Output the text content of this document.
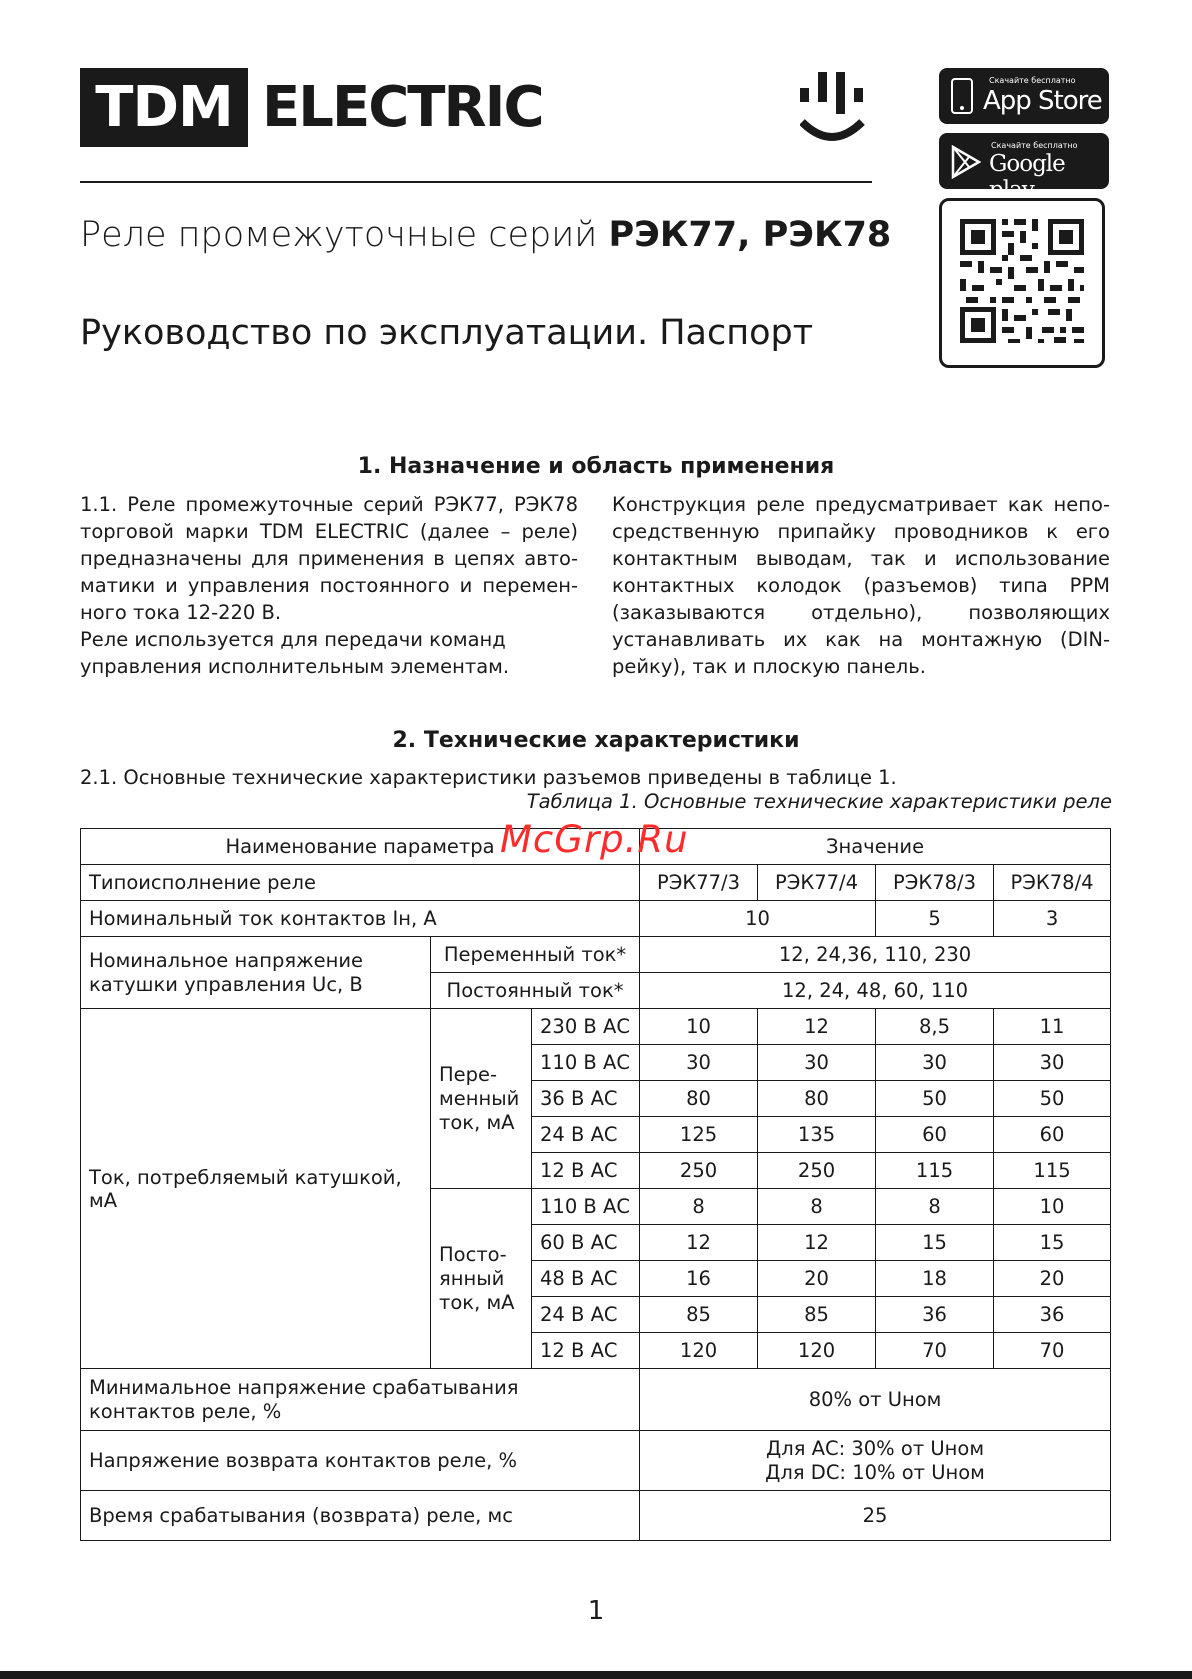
TDM ELECTRIC	Скачайте бесплатно
App Store
Скачайте бесплатно
Google play
Реле промежуточные серий РЭК77, РЭК78
Руководство по эксплуатации. Паспорт
1. Назначение и область применения
1.1. Реле промежуточные серий РЭК77, РЭК78 торговой марки TDM ELECTRIC (далее – реле) предназначены для применения в цепях автоматики и управления постоянного и переменного тока 12-220 В.
Реле используется для передачи команд управления исполнительным элементам.
Конструкция реле предусматривает как непосредственную припайку проводников к его контактным выводам, так и использование контактных колодок (разъемов) типа PPM (заказываются отдельно), позволяющих устанавливать их как на монтажную (DIN-рейку), так и плоскую панель.
2. Технические характеристики
2.1. Основные технические характеристики разъемов приведены в таблице 1.
Таблица 1. Основные технические характеристики реле
Наименование параметра			Значение			
Типоисполнение реле			РЭК77/3	РЭК77/4	РЭК78/3	РЭК78/4
Номинальный ток контактов Iн, А			10		5	3
Номинальное напряжение катушки управления Uc, В	Переменный ток*		12, 24,36, 110, 230			
	Постоянный ток*		12, 24, 48, 60, 110			
Ток, потребляемый катушкой, мА	Пере-менный ток, мА	230 В АС	10	12	8,5	11
		110 В АС	30	30	30	30
		36 В АС	80	80	50	50
		24 В АС	125	135	60	60
		12 В АС	250	250	115	115
	Посто-янный ток, мА	110 В АС	8	8	8	10
		60 В АС	12	12	15	15
		48 В АС	16	20	18	20
		24 В АС	85	85	36	36
		12 В АС	120	120	70	70
Минимальное напряжение срабатывания контактов реле, %			80% от Uном			
Напряжение возврата контактов реле, %			Для АС: 30% от Uном
Для DC: 10% от Uном			

Время срабатывания (возврата) реле, мс			25			
McGrp.Ru
1
